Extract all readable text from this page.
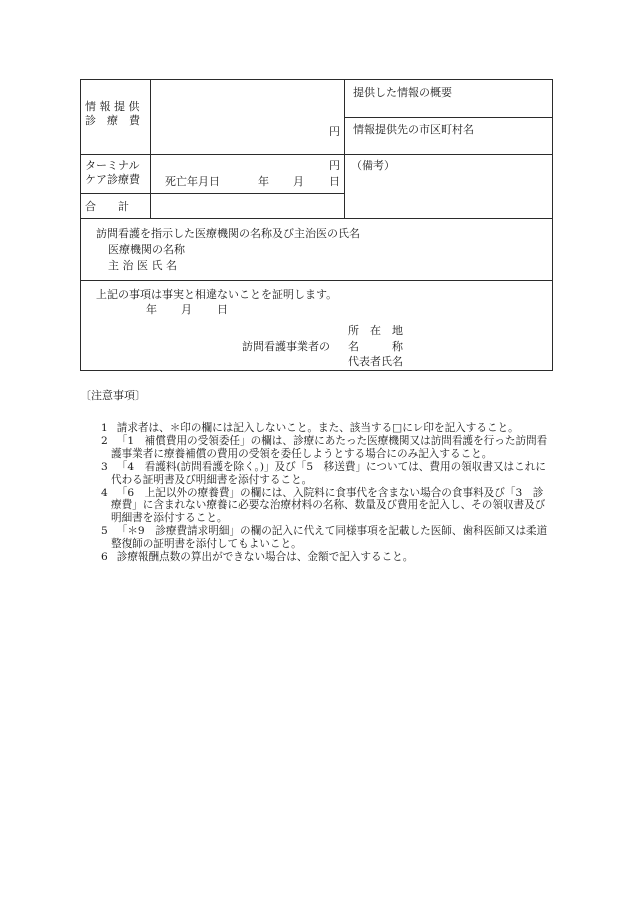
情 報 提 供
診　療　費
円
提供した情報の概要
情報提供先の市区町村名
ターミナル
ケア診療費
円
死亡年月日	年 月 日
（備考）
合　　計
訪問看護を指示した医療機関の名称及び主治医の氏名
医療機関の名称
主 治 医 氏 名
上記の事項は事実と相違ないことを証明します。
年 月 日
訪問看護事業者の
所　在　地
名　　　称
代表者氏名
〔注意事項〕
1 請求者は、＊印の欄には記入しないこと。また、該当する□にレ印を記入すること。
2 「1　補償費用の受領委任」の欄は、診療にあたった医療機関又は訪問看護を行った訪問看護事業者に療養補償の費用の受領を委任しようとする場合にのみ記入すること。
3 「4　看護料(訪問看護を除く。)」及び「5　移送費」については、費用の領収書又はこれに代わる証明書及び明細書を添付すること。
4 「6　上記以外の療養費」の欄には、入院料に食事代を含まない場合の食事料及び「3　診療費」に含まれない療養に必要な治療材料の名称、数量及び費用を記入し、その領収書及び明細書を添付すること。
5 「＊9　診療費請求明細」の欄の記入に代えて同様事項を記載した医師、歯科医師又は柔道整復師の証明書を添付してもよいこと。
6 診療報酬点数の算出ができない場合は、金額で記入すること。
